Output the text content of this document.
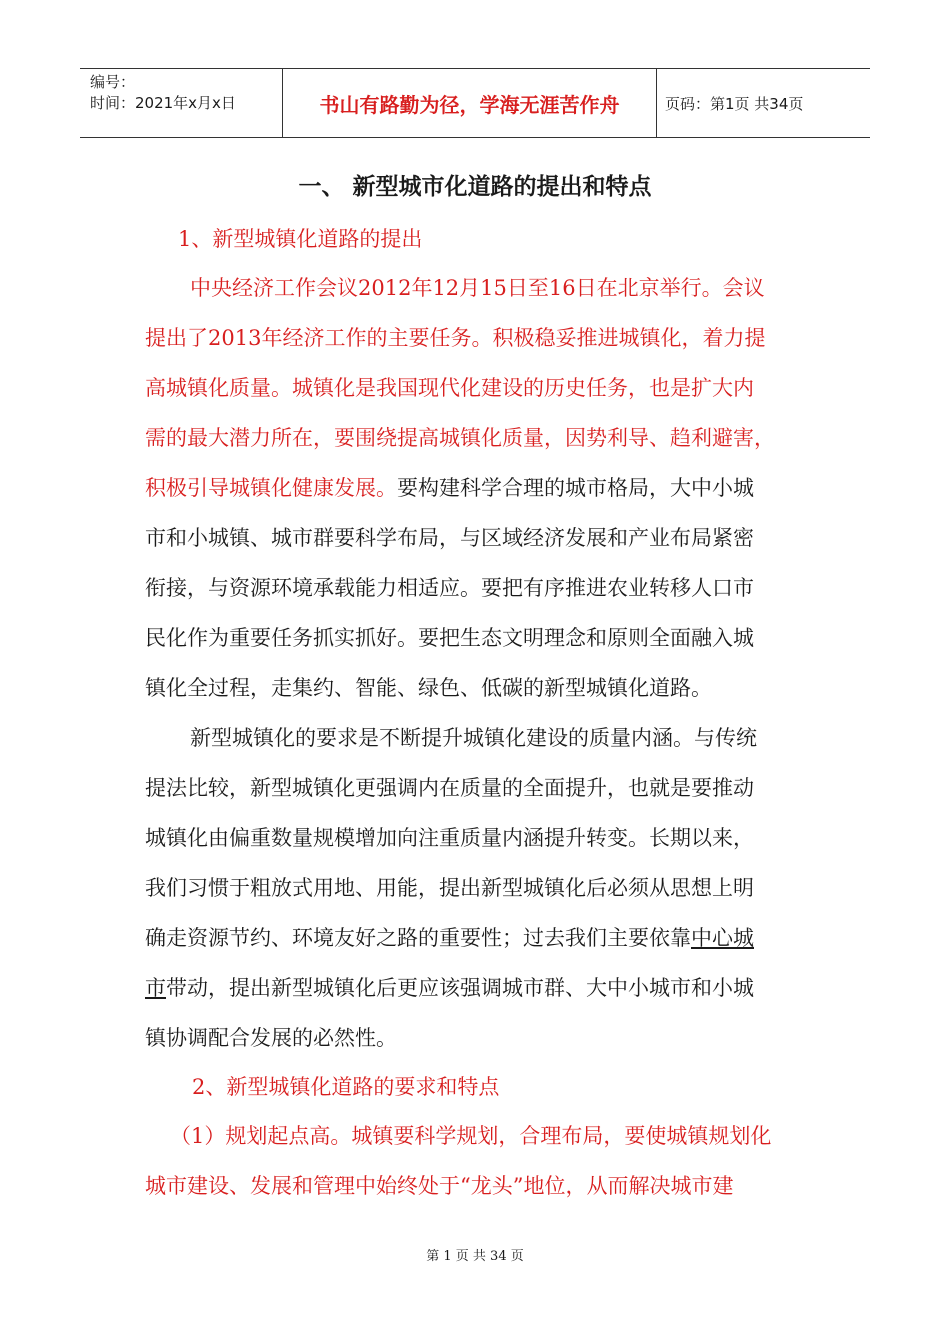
编号：
时间：2021年x月x日	书山有路勤为径，学海无涯苦作舟	页码：第1页 共34页
一、 新型城市化道路的提出和特点
1、新型城镇化道路的提出
中央经济工作会议2012年12月15日至16日在北京举行。会议
提出了2013年经济工作的主要任务。积极稳妥推进城镇化，着力提
高城镇化质量。城镇化是我国现代化建设的历史任务，也是扩大内
需的最大潜力所在，要围绕提高城镇化质量，因势利导、趋利避害，
积极引导城镇化健康发展。要构建科学合理的城市格局，大中小城
市和小城镇、城市群要科学布局，与区域经济发展和产业布局紧密
衔接，与资源环境承载能力相适应。要把有序推进农业转移人口市
民化作为重要任务抓实抓好。要把生态文明理念和原则全面融入城
镇化全过程，走集约、智能、绿色、低碳的新型城镇化道路。
新型城镇化的要求是不断提升城镇化建设的质量内涵。与传统
提法比较，新型城镇化更强调内在质量的全面提升，也就是要推动
城镇化由偏重数量规模增加向注重质量内涵提升转变。长期以来，
我们习惯于粗放式用地、用能，提出新型城镇化后必须从思想上明
确走资源节约、环境友好之路的重要性；过去我们主要依靠中心城
市带动，提出新型城镇化后更应该强调城市群、大中小城市和小城
镇协调配合发展的必然性。
2、新型城镇化道路的要求和特点
（1）规划起点高。城镇要科学规划，合理布局，要使城镇规划化
城市建设、发展和管理中始终处于“龙头”地位，从而解决城市建
第 1 页 共 34 页
